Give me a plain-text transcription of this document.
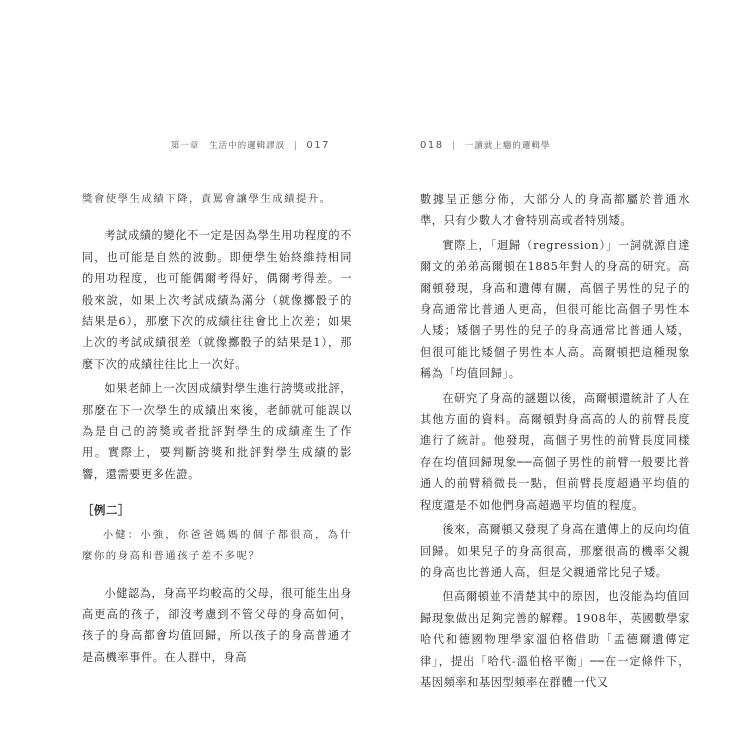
第一章 生活中的邏輯謬誤 | 017

獎會使學生成績下降，責罵會讓學生成績提升。

考試成績的變化不一定是因為學生用功程度的不同，也可能是自然的波動。即便學生始終維持相同的用功程度，也可能偶爾考得好，偶爾考得差。一般來說，如果上次考試成績為滿分（就像擲骰子的結果是6），那麼下次的成績往往會比上次差；如果上次的考試成績很差（就像擲骰子的結果是1），那麼下次的成績往往比上一次好。

如果老師上一次因成績對學生進行誇獎或批評，那麼在下一次學生的成績出來後，老師就可能誤以為是自己的誇獎或者批評對學生的成績產生了作用。實際上，要判斷誇獎和批評對學生成績的影響，還需要更多佐證。

［例二］

小健：小強，你爸爸媽媽的個子都很高，為什麼你的身高和普通孩子差不多呢？

小健認為，身高平均較高的父母，很可能生出身高更高的孩子，卻沒考慮到不管父母的身高如何，孩子的身高都會均值回歸，所以孩子的身高普通才是高機率事件。在人群中，身高

018 | 一讀就上癮的邏輯學

數據呈正態分佈，大部分人的身高都屬於普通水準，只有少數人才會特別高或者特別矮。

實際上，「迴歸（regression）」一詞就源自達爾文的弟弟高爾頓在1885年對人的身高的研究。高爾頓發現，身高和遺傳有關，高個子男性的兒子的身高通常比普通人更高，但很可能比高個子男性本人矮；矮個子男性的兒子的身高通常比普通人矮，但很可能比矮個子男性本人高。高爾頓把這種現象稱為「均值回歸」。

在研究了身高的謎題以後，高爾頓還統計了人在其他方面的資料。高爾頓對身高高的人的前臂長度進行了統計。他發現，高個子男性的前臂長度同樣存在均值回歸現象──高個子男性的前臂一般要比普通人的前臂稍微長一點，但前臂長度超過平均值的程度還是不如他們身高超過平均值的程度。

後來，高爾頓又發現了身高在遺傳上的反向均值回歸。如果兒子的身高很高，那麼很高的機率父親的身高也比普通人高，但是父親通常比兒子矮。

但高爾頓並不清楚其中的原因，也沒能為均值回歸現象做出足夠完善的解釋。1908年，英國數學家哈代和德國物理學家溫伯格借助「孟德爾遺傳定律」，提出「哈代-溫伯格平衡」──在一定條件下，基因頻率和基因型頻率在群體一代又
